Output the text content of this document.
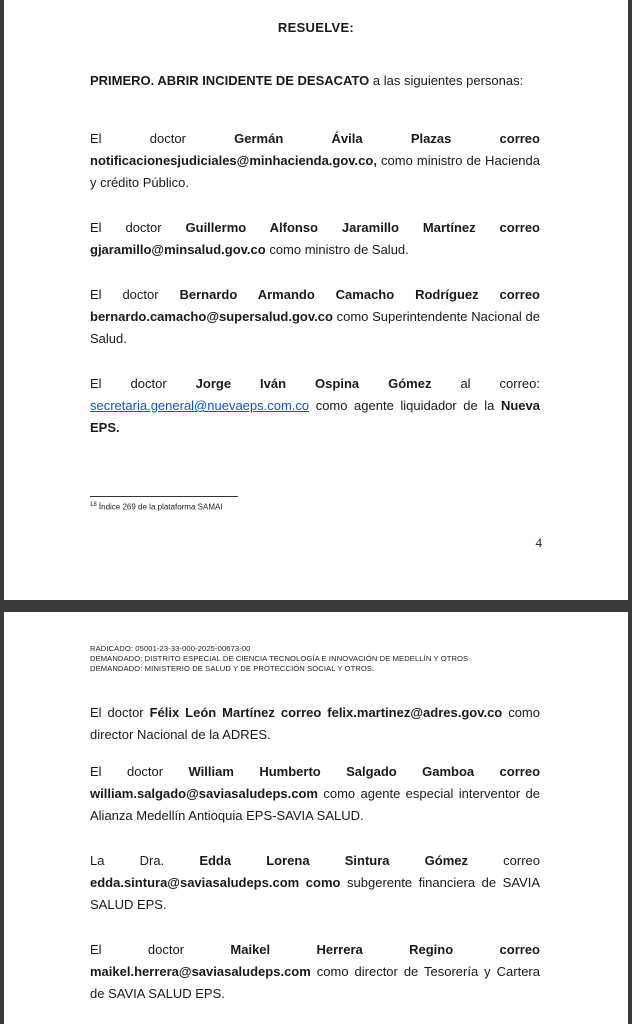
RESUELVE:

PRIMERO. ABRIR INCIDENTE DE DESACATO a las siguientes personas:

El doctor Germán Ávila Plazas correo notificacionesjudiciales@minhacienda.gov.co, como ministro de Hacienda y crédito Público.

El doctor Guillermo Alfonso Jaramillo Martínez correo gjaramillo@minsalud.gov.co como ministro de Salud.

El doctor Bernardo Armando Camacho Rodríguez correo bernardo.camacho@supersalud.gov.co como Superintendente Nacional de Salud.

El doctor Jorge Iván Ospina Gómez al correo: secretaria.general@nuevaeps.com.co como agente liquidador de la Nueva EPS.

$^{18}$ Índice 269 de la plataforma SAMAI
4
RADICADO: 05001-23-33-000-2025-00673-00
DEMANDADO: DISTRITO ESPECIAL DE CIENCIA TECNOLOGÍA E INNOVACIÓN DE MEDELLÍN Y OTROS
DEMANDADO: MINISTERIO DE SALUD Y DE PROTECCIÓN SOCIAL Y OTROS.

El doctor Félix León Martínez correo felix.martinez@adres.gov.co como director Nacional de la ADRES.

El doctor William Humberto Salgado Gamboa correo william.salgado@saviasaludeps.com como agente especial interventor de Alianza Medellín Antioquia EPS-SAVIA SALUD.

La Dra. Edda Lorena Sintura Gómez correo edda.sintura@saviasaludeps.com como subgerente financiera de SAVIA SALUD EPS.

El doctor Maikel Herrera Regino correo maikel.herrera@saviasaludeps.com como director de Tesorería y Cartera de SAVIA SALUD EPS.
